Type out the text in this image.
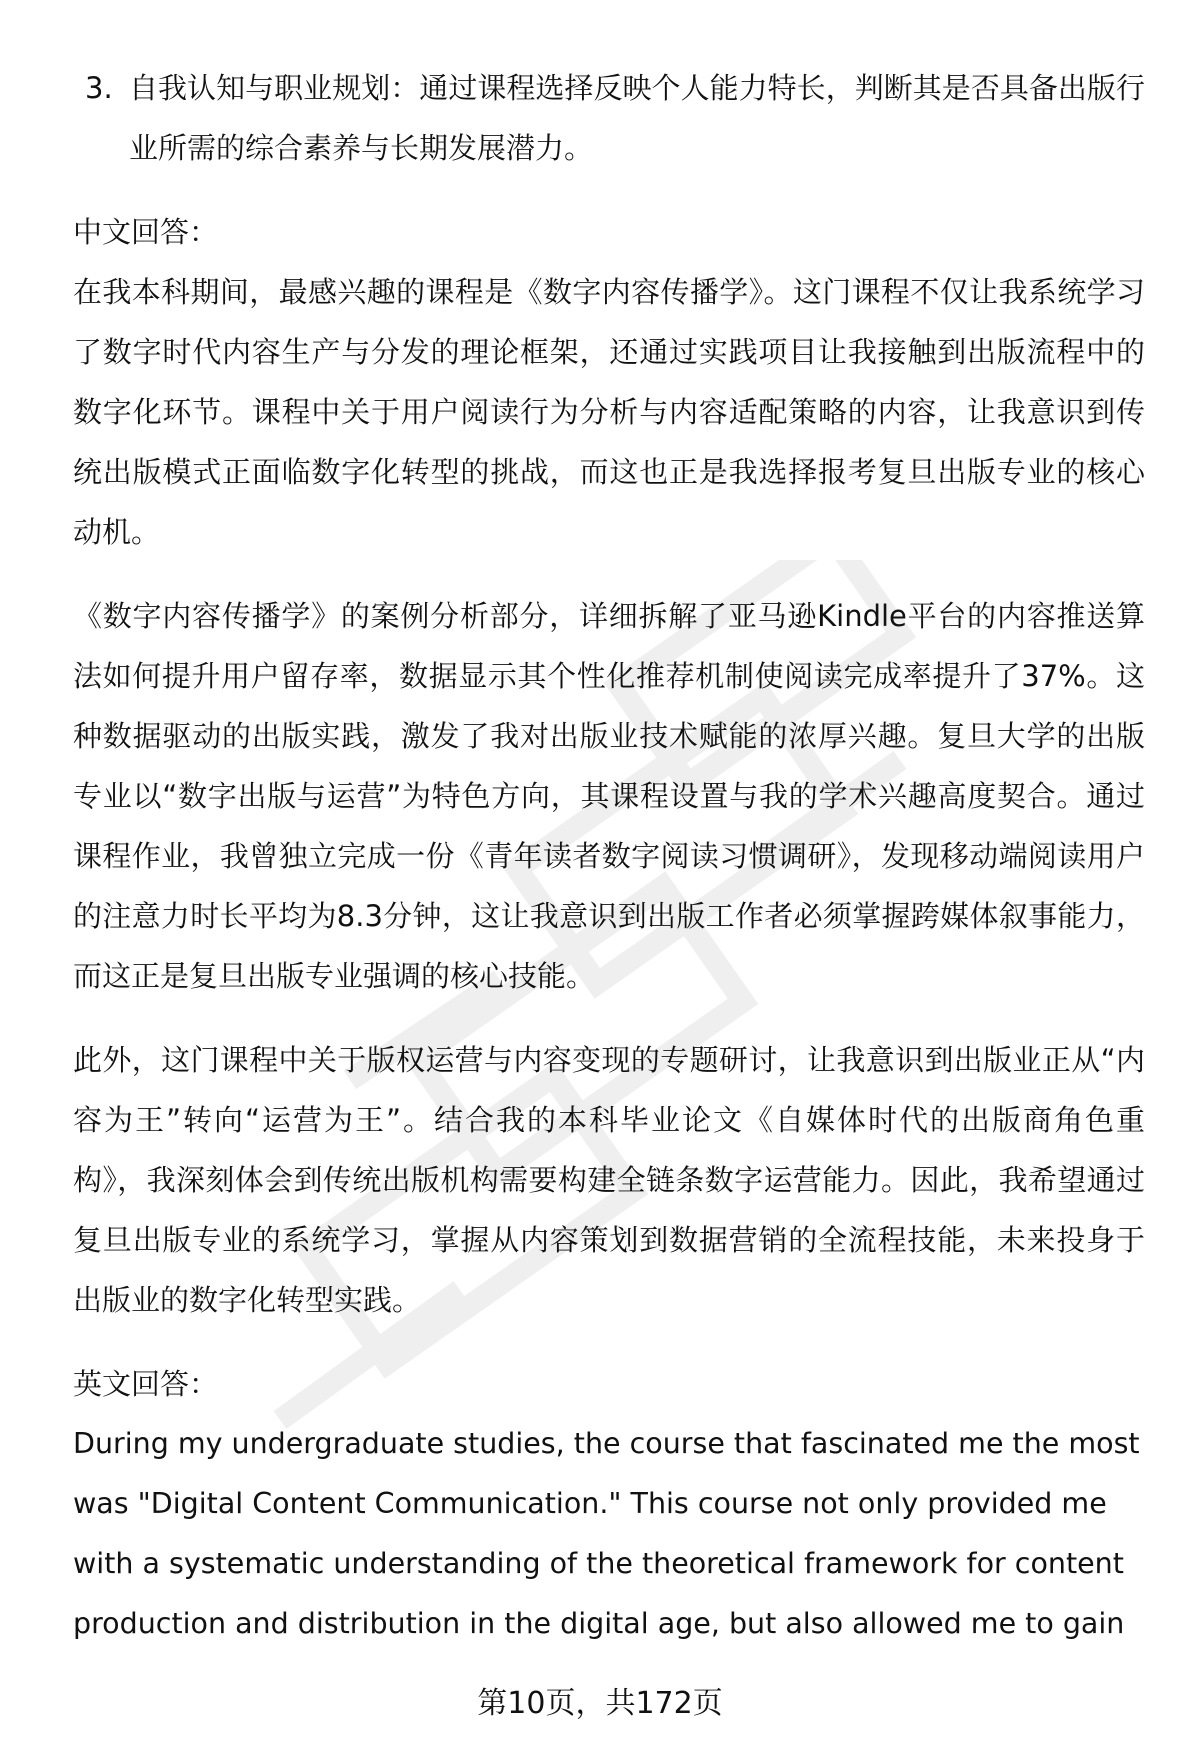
3. 自我认知与职业规划：通过课程选择反映个人能力特长，判断其是否具备出版行业所需的综合素养与长期发展潜力。

中文回答：

在我本科期间，最感兴趣的课程是《数字内容传播学》。这门课程不仅让我系统学习了数字时代内容生产与分发的理论框架，还通过实践项目让我接触到出版流程中的数字化环节。课程中关于用户阅读行为分析与内容适配策略的内容，让我意识到传统出版模式正面临数字化转型的挑战，而这也正是我选择报考复旦出版专业的核心动机。

《数字内容传播学》的案例分析部分，详细拆解了亚马逊Kindle平台的内容推送算法如何提升用户留存率，数据显示其个性化推荐机制使阅读完成率提升了37%。这种数据驱动的出版实践，激发了我对出版业技术赋能的浓厚兴趣。复旦大学的出版专业以“数字出版与运营”为特色方向，其课程设置与我的学术兴趣高度契合。通过课程作业，我曾独立完成一份《青年读者数字阅读习惯调研》，发现移动端阅读用户的注意力时长平均为8.3分钟，这让我意识到出版工作者必须掌握跨媒体叙事能力，而这正是复旦出版专业强调的核心技能。

此外，这门课程中关于版权运营与内容变现的专题研讨，让我意识到出版业正从“内容为王”转向“运营为王”。结合我的本科毕业论文《自媒体时代的出版商角色重构》，我深刻体会到传统出版机构需要构建全链条数字运营能力。因此，我希望通过复旦出版专业的系统学习，掌握从内容策划到数据营销的全流程技能，未来投身于出版业的数字化转型实践。

英文回答：

During my undergraduate studies, the course that fascinated me the most was "Digital Content Communication." This course not only provided me with a systematic understanding of the theoretical framework for content production and distribution in the digital age, but also allowed me to gain

第10页，共172页
